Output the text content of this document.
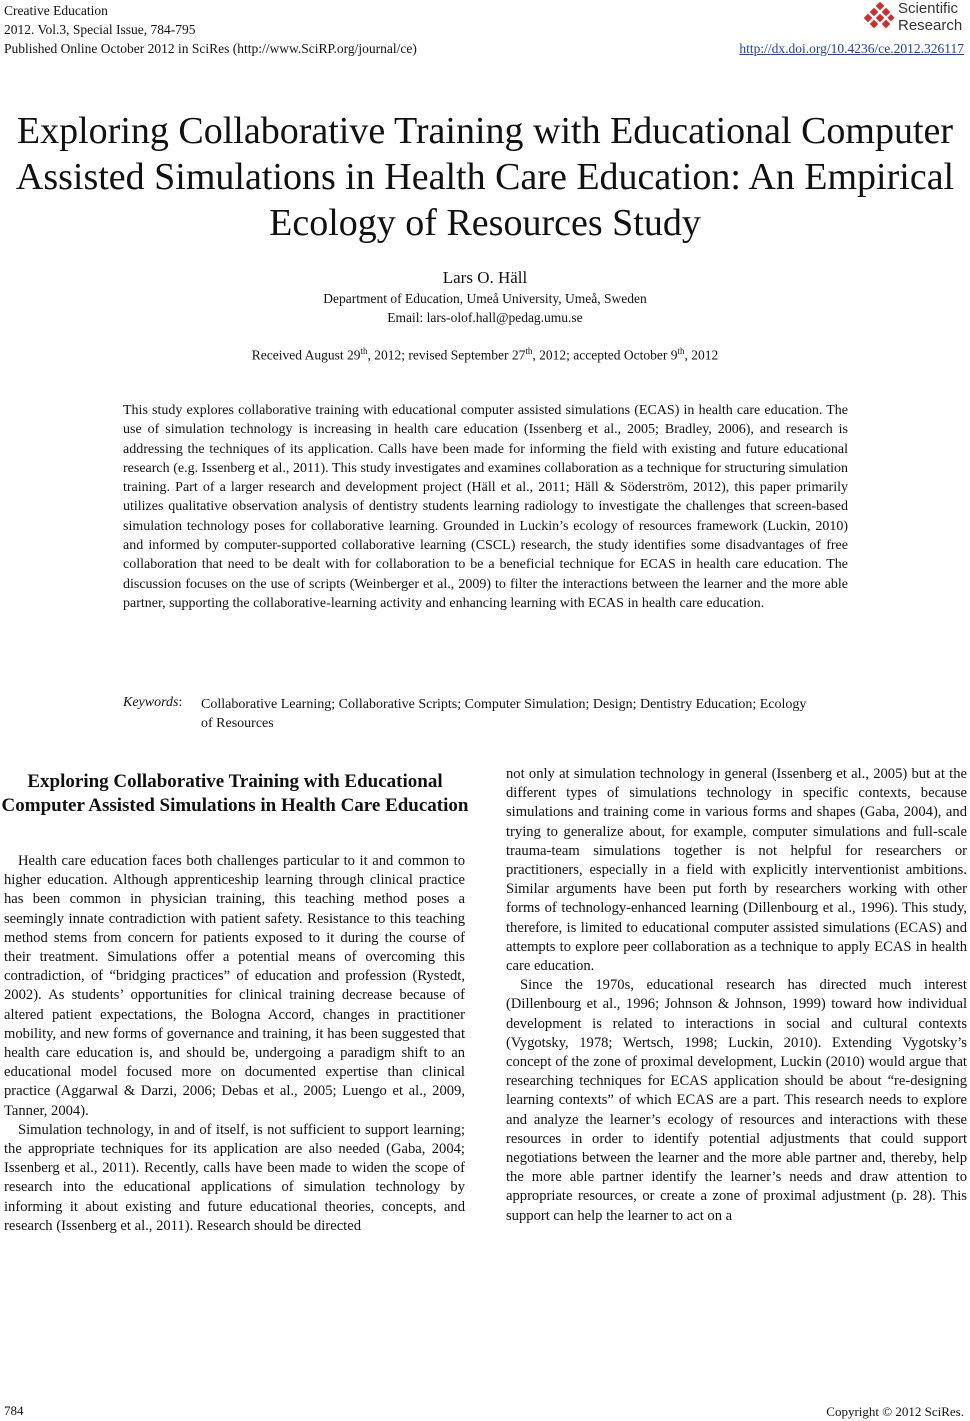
Creative Education
2012. Vol.3, Special Issue, 784-795
Published Online October 2012 in SciRes (http://www.SciRP.org/journal/ce)	http://dx.doi.org/10.4236/ce.2012.326117
Scientific
Research
Exploring Collaborative Training with Educational Computer Assisted Simulations in Health Care Education: An Empirical Ecology of Resources Study
Lars O. Häll
Department of Education, Umeå University, Umeå, Sweden
Email: lars-olof.hall@pedag.umu.se
Received August 29th, 2012; revised September 27th, 2012; accepted October 9th, 2012
This study explores collaborative training with educational computer assisted simulations (ECAS) in health care education. The use of simulation technology is increasing in health care education (Issenberg et al., 2005; Bradley, 2006), and research is addressing the techniques of its application. Calls have been made for informing the field with existing and future educational research (e.g. Issenberg et al., 2011). This study investigates and examines collaboration as a technique for structuring simulation training. Part of a larger research and development project (Häll et al., 2011; Häll & Söderström, 2012), this paper primarily utilizes qualitative observation analysis of dentistry students learning radiology to investigate the challenges that screen-based simulation technology poses for collaborative learning. Grounded in Luckin’s ecology of resources framework (Luckin, 2010) and informed by computer-supported collaborative learning (CSCL) research, the study identifies some disadvantages of free collaboration that need to be dealt with for collaboration to be a beneficial technique for ECAS in health care education. The discussion focuses on the use of scripts (Weinberger et al., 2009) to filter the interactions between the learner and the more able partner, supporting the collaborative-learning activity and enhancing learning with ECAS in health care education.
Keywords: Collaborative Learning; Collaborative Scripts; Computer Simulation; Design; Dentistry Education; Ecology of Resources
Exploring Collaborative Training with Educational Computer Assisted Simulations in Health Care Education

Health care education faces both challenges particular to it and common to higher education. Although apprenticeship learning through clinical practice has been common in physician training, this teaching method poses a seemingly innate contradiction with patient safety. Resistance to this teaching method stems from concern for patients exposed to it during the course of their treatment. Simulations offer a potential means of overcoming this contradiction, of “bridging practices” of education and profession (Rystedt, 2002). As students’ opportunities for clinical training decrease because of altered patient expectations, the Bologna Accord, changes in practitioner mobility, and new forms of governance and training, it has been suggested that health care education is, and should be, undergoing a paradigm shift to an educational model focused more on documented expertise than clinical practice (Aggarwal & Darzi, 2006; Debas et al., 2005; Luengo et al., 2009, Tanner, 2004).

Simulation technology, in and of itself, is not sufficient to support learning; the appropriate techniques for its application are also needed (Gaba, 2004; Issenberg et al., 2011). Recently, calls have been made to widen the scope of research into the educational applications of simulation technology by informing it about existing and future educational theories, concepts, and research (Issenberg et al., 2011). Research should be directed

not only at simulation technology in general (Issenberg et al., 2005) but at the different types of simulations technology in specific contexts, because simulations and training come in various forms and shapes (Gaba, 2004), and trying to generalize about, for example, computer simulations and full-scale trauma-team simulations together is not helpful for researchers or practitioners, especially in a field with explicitly interventionist ambitions. Similar arguments have been put forth by researchers working with other forms of technology-enhanced learning (Dillenbourg et al., 1996). This study, therefore, is limited to educational computer assisted simulations (ECAS) and attempts to explore peer collaboration as a technique to apply ECAS in health care education.

Since the 1970s, educational research has directed much interest (Dillenbourg et al., 1996; Johnson & Johnson, 1999) toward how individual development is related to interactions in social and cultural contexts (Vygotsky, 1978; Wertsch, 1998; Luckin, 2010). Extending Vygotsky’s concept of the zone of proximal development, Luckin (2010) would argue that researching techniques for ECAS application should be about “re-designing learning contexts” of which ECAS are a part. This research needs to explore and analyze the learner’s ecology of resources and interactions with these resources in order to identify potential adjustments that could support negotiations between the learner and the more able partner and, thereby, help the more able partner identify the learner’s needs and draw attention to appropriate resources, or create a zone of proximal adjustment (p. 28). This support can help the learner to act on a

784	Copyright © 2012 SciRes.
